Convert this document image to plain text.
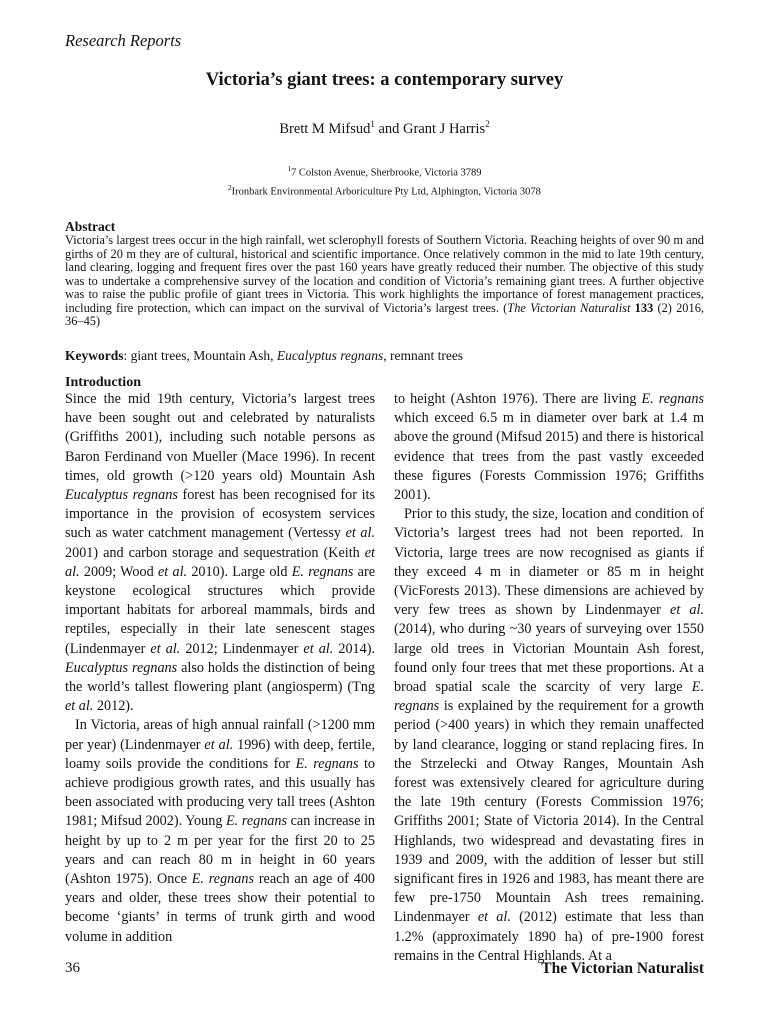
Research Reports
Victoria’s giant trees: a contemporary survey
Brett M Mifsud$^1$ and Grant J Harris$^2$
$^1$7 Colston Avenue, Sherbrooke, Victoria 3789
$^2$Ironbark Environmental Arboriculture Pty Ltd, Alphington, Victoria 3078
Abstract
Victoria’s largest trees occur in the high rainfall, wet sclerophyll forests of Southern Victoria. Reaching heights of over 90 m and girths of 20 m they are of cultural, historical and scientific importance. Once relatively common in the mid to late 19th century, land clearing, logging and frequent fires over the past 160 years have greatly reduced their number. The objective of this study was to undertake a comprehensive survey of the location and condition of Victoria’s remaining giant trees. A further objective was to raise the public profile of giant trees in Victoria. This work highlights the importance of forest management practices, including fire protection, which can impact on the survival of Victoria’s largest trees. (The Victorian Naturalist 133 (2) 2016, 36–45)
Keywords: giant trees, Mountain Ash, Eucalyptus regnans, remnant trees
Introduction

Since the mid 19th century, Victoria’s largest trees have been sought out and celebrated by naturalists (Griffiths 2001), including such notable persons as Baron Ferdinand von Mueller (Mace 1996). In recent times, old growth (>120 years old) Mountain Ash Eucalyptus regnans forest has been recognised for its importance in the provision of ecosystem services such as water catchment management (Vertessy et al. 2001) and carbon storage and sequestration (Keith et al. 2009; Wood et al. 2010). Large old E. regnans are keystone ecological structures which provide important habitats for arboreal mammals, birds and reptiles, especially in their late senescent stages (Lindenmayer et al. 2012; Lindenmayer et al. 2014). Eucalyptus regnans also holds the distinction of being the world’s tallest flowering plant (angiosperm) (Tng et al. 2012).

In Victoria, areas of high annual rainfall (>1200 mm per year) (Lindenmayer et al. 1996) with deep, fertile, loamy soils provide the conditions for E. regnans to achieve prodigious growth rates, and this usually has been associated with producing very tall trees (Ashton 1981; Mifsud 2002). Young E. regnans can increase in height by up to 2 m per year for the first 20 to 25 years and can reach 80 m in height in 60 years (Ashton 1975). Once E. regnans reach an age of 400 years and older, these trees show their potential to become ‘giants’ in terms of trunk girth and wood volume in addition

to height (Ashton 1976). There are living E. regnans which exceed 6.5 m in diameter over bark at 1.4 m above the ground (Mifsud 2015) and there is historical evidence that trees from the past vastly exceeded these figures (Forests Commission 1976; Griffiths 2001).

Prior to this study, the size, location and condition of Victoria’s largest trees had not been reported. In Victoria, large trees are now recognised as giants if they exceed 4 m in diameter or 85 m in height (VicForests 2013). These dimensions are achieved by very few trees as shown by Lindenmayer et al. (2014), who during ~30 years of surveying over 1550 large old trees in Victorian Mountain Ash forest, found only four trees that met these proportions. At a broad spatial scale the scarcity of very large E. regnans is explained by the requirement for a growth period (>400 years) in which they remain unaffected by land clearance, logging or stand replacing fires. In the Strzelecki and Otway Ranges, Mountain Ash forest was extensively cleared for agriculture during the late 19th century (Forests Commission 1976; Griffiths 2001; State of Victoria 2014). In the Central Highlands, two widespread and devastating fires in 1939 and 2009, with the addition of lesser but still significant fires in 1926 and 1983, has meant there are few pre-1750 Mountain Ash trees remaining. Lindenmayer et al. (2012) estimate that less than 1.2% (approximately 1890 ha) of pre-1900 forest remains in the Central Highlands. At a

36	The Victorian Naturalist
